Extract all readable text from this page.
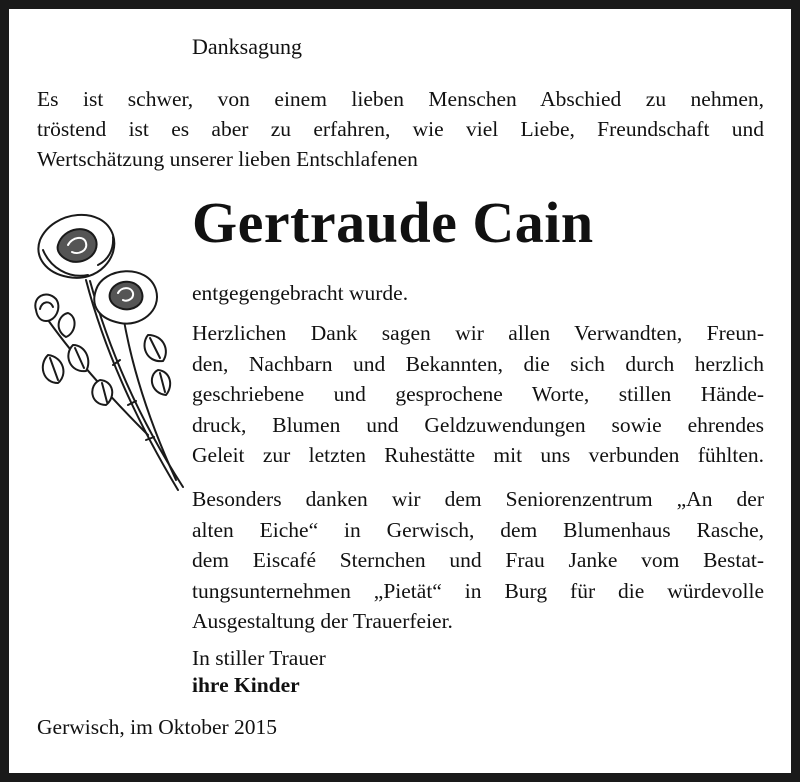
Danksagung
Es ist schwer, von einem lieben Menschen Abschied zu nehmen,
tröstend ist es aber zu erfahren, wie viel Liebe, Freundschaft und
Wertschätzung unserer lieben Entschlafenen
Gertraude Cain
entgegengebracht wurde.
Herzlichen Dank sagen wir allen Verwandten, Freun-
den, Nachbarn und Bekannten, die sich durch herzlich
geschriebene und gesprochene Worte, stillen Hände-
druck, Blumen und Geldzuwendungen sowie ehrendes
Geleit zur letzten Ruhestätte mit uns verbunden fühlten.
Besonders danken wir dem Seniorenzentrum „An der
alten Eiche“ in Gerwisch, dem Blumenhaus Rasche,
dem Eiscafé Sternchen und Frau Janke vom Bestat-
tungsunternehmen „Pietät“ in Burg für die würdevolle
Ausgestaltung der Trauerfeier.
In stiller Trauer
ihre Kinder
Gerwisch, im Oktober 2015
